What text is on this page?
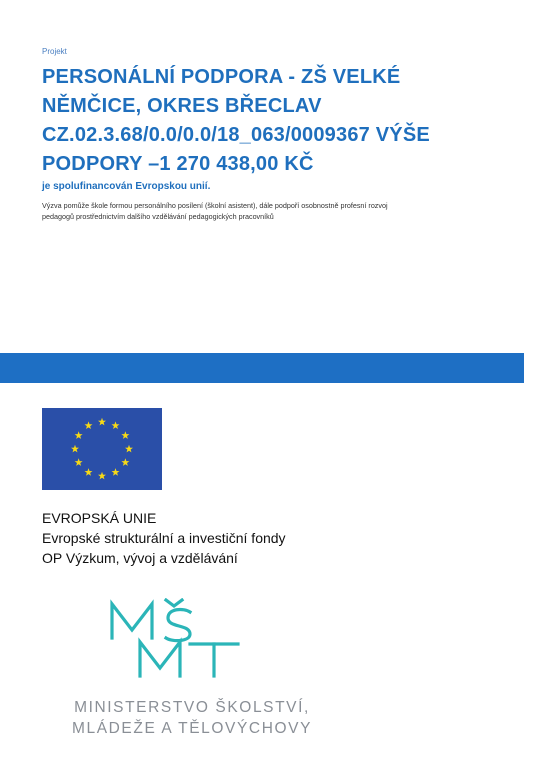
Projekt
PERSONÁLNÍ PODPORA - ZŠ VELKÉ
NĚMČICE, OKRES BŘECLAV
CZ.02.3.68/0.0/0.0/18_063/0009367 VÝŠE
PODPORY –1 270 438,00 KČ
je spolufinancován Evropskou unií.
Výzva pomůže škole formou personálního posílení (školní asistent), dále podpoří osobnostně profesní rozvoj
pedagogů prostřednictvím dalšího vzdělávání pedagogických pracovníků
EVROPSKÁ UNIE
Evropské strukturální a investiční fondy
OP Výzkum, vývoj a vzdělávání
MINISTERSTVO ŠKOLSTVÍ,
MLÁDEŽE A TĚLOVÝCHOVY
